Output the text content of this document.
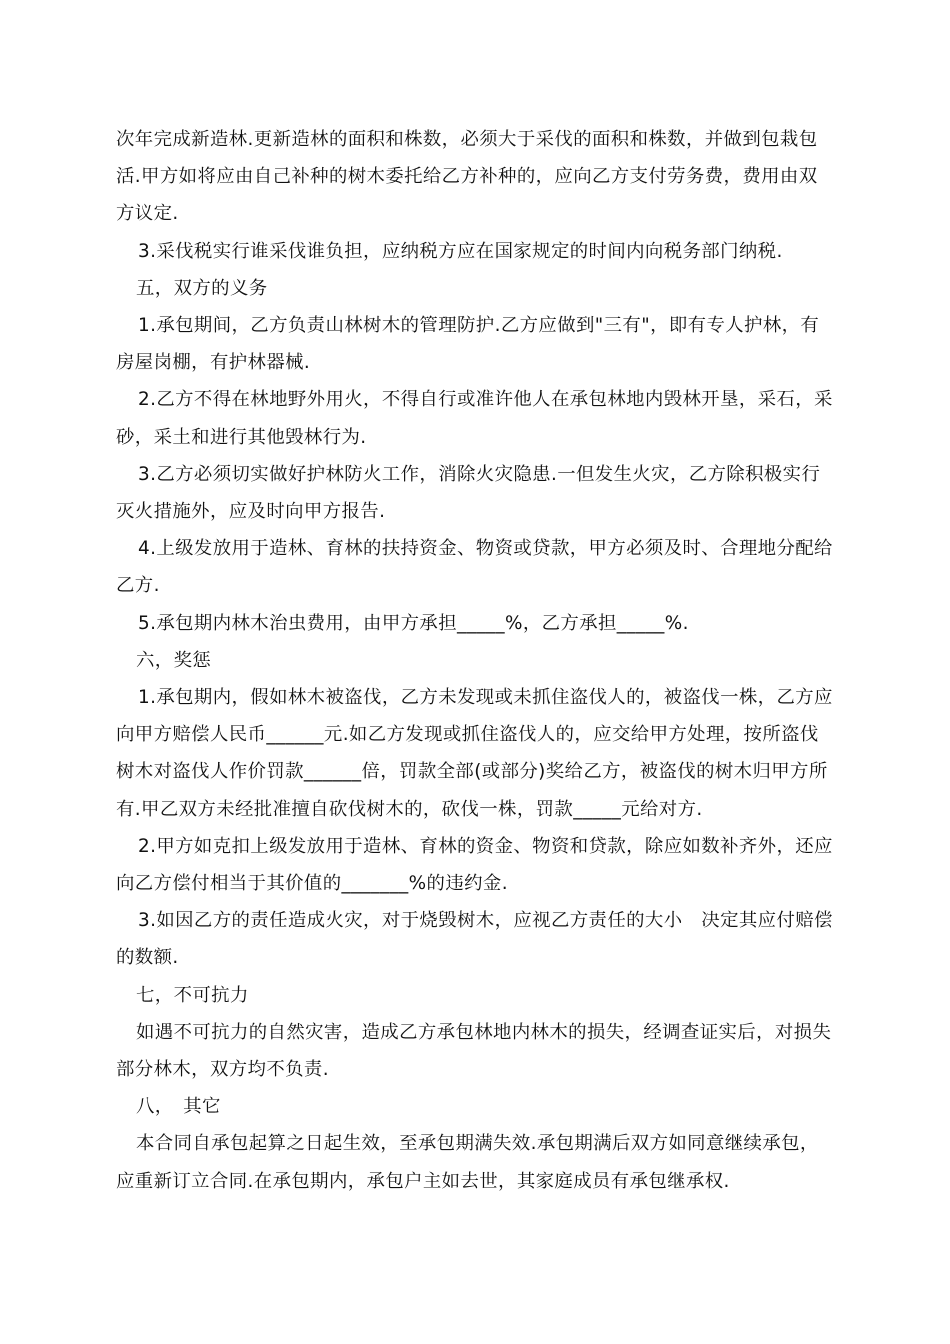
次年完成新造林.更新造林的面积和株数，必须大于采伐的面积和株数，并做到包栽包活.甲方如将应由自己补种的树木委托给乙方补种的，应向乙方支付劳务费，费用由双方议定.

3.采伐税实行谁采伐谁负担，应纳税方应在国家规定的时间内向税务部门纳税.

五，双方的义务

1.承包期间，乙方负责山林树木的管理防护.乙方应做到"三有"，即有专人护林，有房屋岗棚，有护林器械.

2.乙方不得在林地野外用火，不得自行或准许他人在承包林地内毁林开垦，采石，采砂，采土和进行其他毁林行为.

3.乙方必须切实做好护林防火工作，消除火灾隐患.一但发生火灾，乙方除积极实行灭火措施外，应及时向甲方报告.

4.上级发放用于造林、育林的扶持资金、物资或贷款，甲方必须及时、合理地分配给乙方.

5.承包期内林木治虫费用，由甲方承担_____%，乙方承担_____%.

六，奖惩

1.承包期内，假如林木被盗伐，乙方未发现或未抓住盗伐人的，被盗伐一株，乙方应向甲方赔偿人民币______元.如乙方发现或抓住盗伐人的，应交给甲方处理，按所盗伐树木对盗伐人作价罚款______倍，罚款全部(或部分)奖给乙方，被盗伐的树木归甲方所有.甲乙双方未经批准擅自砍伐树木的，砍伐一株，罚款_____元给对方.

2.甲方如克扣上级发放用于造林、育林的资金、物资和贷款，除应如数补齐外，还应向乙方偿付相当于其价值的_______%的违约金.

3.如因乙方的责任造成火灾，对于烧毁树木，应视乙方责任的大小　决定其应付赔偿的数额.

七，不可抗力

如遇不可抗力的自然灾害，造成乙方承包林地内林木的损失，经调查证实后，对损失部分林木，双方均不负责.

八，　其它

本合同自承包起算之日起生效，至承包期满失效.承包期满后双方如同意继续承包，应重新订立合同.在承包期内，承包户主如去世，其家庭成员有承包继承权.
